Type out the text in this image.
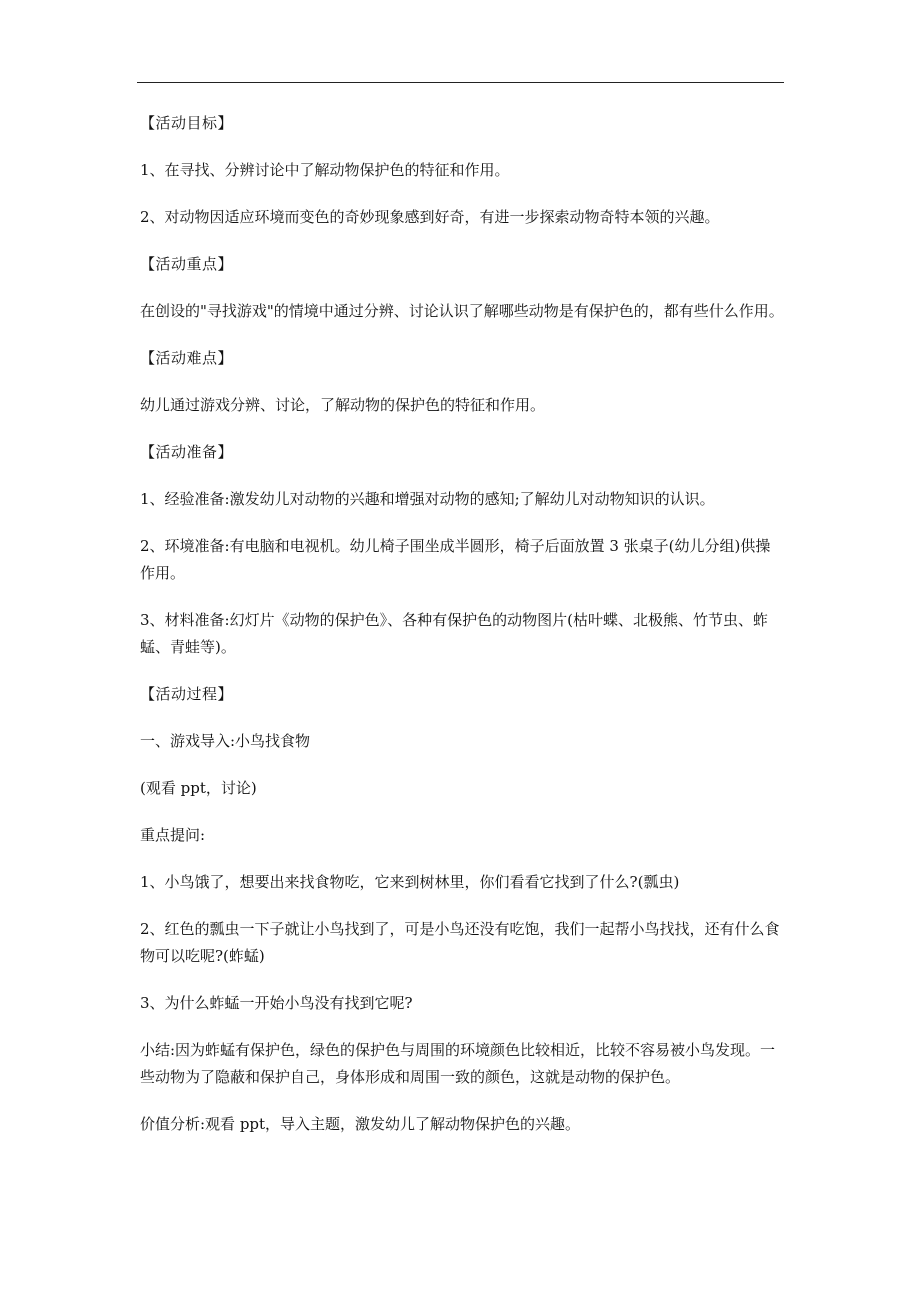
【活动目标】

1、在寻找、分辨讨论中了解动物保护色的特征和作用。

2、对动物因适应环境而变色的奇妙现象感到好奇，有进一步探索动物奇特本领的兴趣。

【活动重点】

在创设的"寻找游戏"的情境中通过分辨、讨论认识了解哪些动物是有保护色的，都有些什么作用。

【活动难点】

幼儿通过游戏分辨、讨论，了解动物的保护色的特征和作用。

【活动准备】

1、经验准备:激发幼儿对动物的兴趣和增强对动物的感知;了解幼儿对动物知识的认识。

2、环境准备:有电脑和电视机。幼儿椅子围坐成半圆形，椅子后面放置 3 张桌子(幼儿分组)供操作用。

3、材料准备:幻灯片《动物的保护色》、各种有保护色的动物图片(枯叶蝶、北极熊、竹节虫、蚱蜢、青蛙等)。

【活动过程】

一、游戏导入:小鸟找食物

(观看 ppt，讨论)

重点提问:

1、小鸟饿了，想要出来找食物吃，它来到树林里，你们看看它找到了什么?(瓢虫)

2、红色的瓢虫一下子就让小鸟找到了，可是小鸟还没有吃饱，我们一起帮小鸟找找，还有什么食物可以吃呢?(蚱蜢)

3、为什么蚱蜢一开始小鸟没有找到它呢?

小结:因为蚱蜢有保护色，绿色的保护色与周围的环境颜色比较相近，比较不容易被小鸟发现。一些动物为了隐蔽和保护自己，身体形成和周围一致的颜色，这就是动物的保护色。

价值分析:观看 ppt，导入主题，激发幼儿了解动物保护色的兴趣。
